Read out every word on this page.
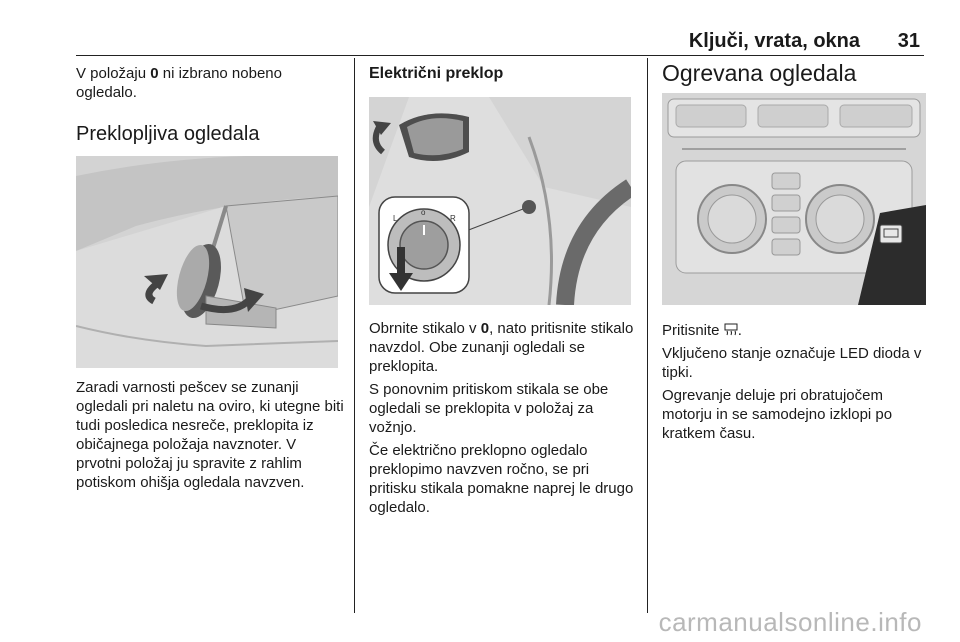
Ključi, vrata, okna 31

V položaju 0 ni izbrano nobeno ogledalo.

Preklopljiva ogledala

Zaradi varnosti pešcev se zunanji ogledali pri naletu na oviro, ki utegne biti tudi posledica nesreče, preklopita iz običajnega položaja navznoter. V prvotni položaj ju spravite z rahlim potiskom ohišja ogledala navzven.

Električni preklop
L
o
R

Obrnite stikalo v 0, nato pritisnite stikalo navzdol. Obe zunanji ogledali se preklopita.

S ponovnim pritiskom stikala se obe ogledali se preklopita v položaj za vožnjo.

Če električno preklopno ogledalo preklopimo navzven ročno, se pri pritisku stikala pomakne naprej le drugo ogledalo.

Ogrevana ogledala

Pritisnite .

Vključeno stanje označuje LED dioda v tipki.

Ogrevanje deluje pri obratujočem motorju in se samodejno izklopi po kratkem času.

carmanualsonline.info
